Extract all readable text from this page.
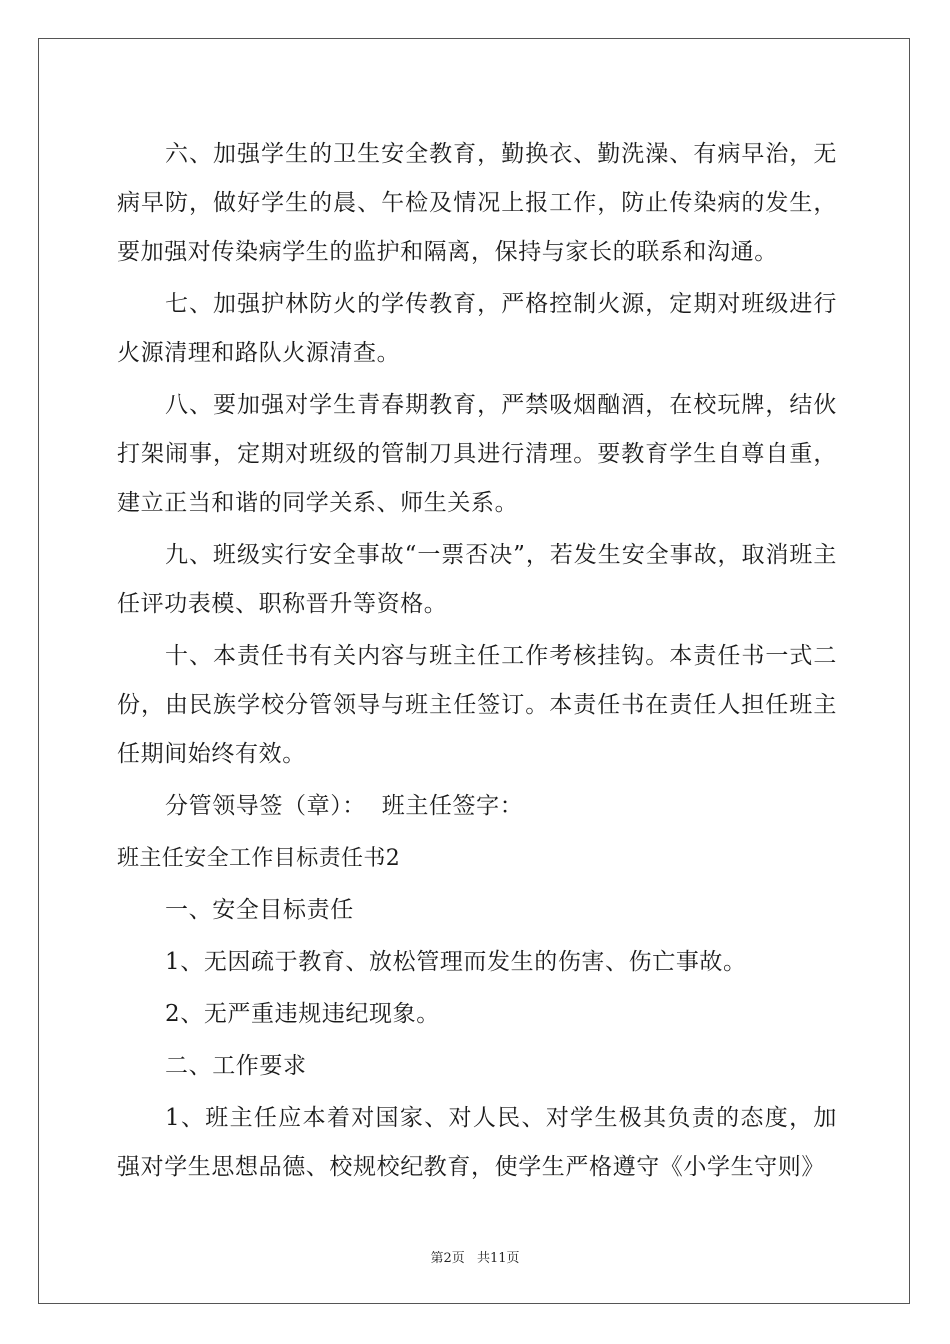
六、加强学生的卫生安全教育，勤换衣、勤洗澡、有病早治，无病早防，做好学生的晨、午检及情况上报工作，防止传染病的发生，要加强对传染病学生的监护和隔离，保持与家长的联系和沟通。

七、加强护林防火的学传教育，严格控制火源，定期对班级进行火源清理和路队火源清查。

八、要加强对学生青春期教育，严禁吸烟酗酒，在校玩牌，结伙打架闹事，定期对班级的管制刀具进行清理。要教育学生自尊自重，建立正当和谐的同学关系、师生关系。

九、班级实行安全事故“一票否决”，若发生安全事故，取消班主任评功表模、职称晋升等资格。

十、本责任书有关内容与班主任工作考核挂钩。本责任书一式二份，由民族学校分管领导与班主任签订。本责任书在责任人担任班主任期间始终有效。

分管领导签（章）：  班主任签字：

班主任安全工作目标责任书2

一、安全目标责任

1、无因疏于教育、放松管理而发生的伤害、伤亡事故。

2、无严重违规违纪现象。

二、工作要求

1、班主任应本着对国家、对人民、对学生极其负责的态度，加强对学生思想品德、校规校纪教育，使学生严格遵守《小学生守则》

第2页 共11页
